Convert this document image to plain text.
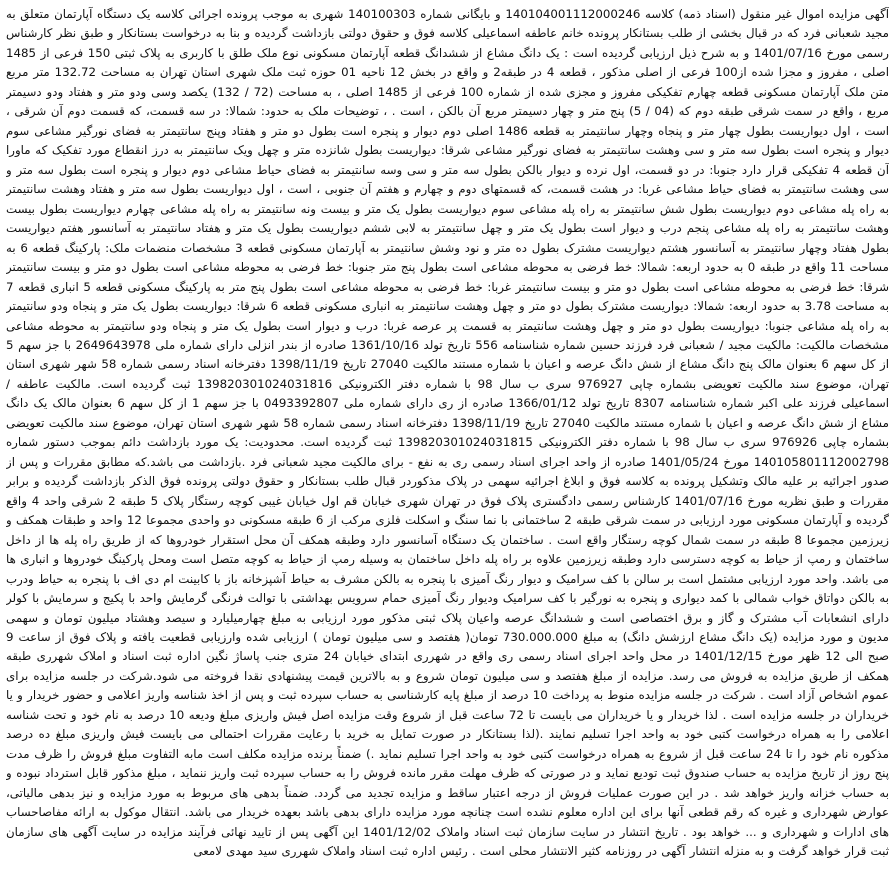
آگهی مزایده اموال غیر منقول (اسناد ذمه) کلاسه 140104001112000246 و بایگانی شماره 140100303 شهری به موجب پرونده اجرائی کلاسه یک دستگاه آپارتمان متعلق به مجید شعبانی فرد که در قبال بخشی از طلب بستانکار پرونده خانم عاطفه اسماعیلی کلاسه فوق و حقوق دولتی بازداشت گردیده و بنا به درخواست بستانکار و طبق نظر کارشناس رسمی مورخ 1401/07/16 و به شرح ذیل ارزیابی گردیده است : یک دانگ مشاع از ششدانگ قطعه آپارتمان مسکونی نوع ملک طلق با کاربری به پلاک ثبتی 150 فرعی از 1485 اصلی ، مفروز و مجزا شده از100 فرعی از اصلی مذکور ، قطعه 4 در طبقه2 و واقع در بخش 12 ناحیه 01 حوزه ثبت ملک شهری استان تهران به مساحت 132.72 متر مربع متن ملک آپارتمان مسکونی قطعه چهارم تفکیکی مفروز و مجزی شده از شماره 100 فرعی از 1485 اصلی ، به مساحت (72 / 132) یکصد وسی ودو متر و هفتاد ودو دسیمتر مربع ، واقع در سمت شرقی طبقه دوم که (04 / 5) پنج متر و چهار دسیمتر مربع آن بالکن ، است . ، توضیحات ملک به حدود: شمالا: در سه قسمت، که قسمت دوم آن شرقی ، است ، اول دیواریست بطول چهار متر و پنجاه وچهار سانتیمتر به قطعه 1486 اصلی دوم دیوار و پنجره است بطول دو متر و هفتاد وپنج سانتیمتر به فضای نورگیر مشاعی سوم دیوار و پنجره است بطول سه متر و سی وهشت سانتیمتر به فضای نورگیر مشاعی شرقا: دیواریست بطول شانزده متر و چهل ویک سانتیمتر به درز انقطاع مورد تفکیک که ماورا آن قطعه 4 تفکیکی قرار دارد جنوبا: در دو قسمت، اول نرده و دیوار بالکن بطول سه متر و سی وسه سانتیمتر به فضای حیاط مشاعی دوم دیوار و پنجره است بطول سه متر و سی وهشت سانتیمتر به فضای حیاط مشاعی غربا: در هشت قسمت، که قسمتهای دوم و چهارم و هفتم آن جنوبی ، است ، اول دیواریست بطول سه متر و هفتاد وهشت سانتیمتر به راه پله مشاعی دوم دیواریست بطول شش سانتیمتر به راه پله مشاعی سوم دیواریست بطول یک متر و بیست ونه سانتیمتر به راه پله مشاعی چهارم دیواریست بطول بیست وهشت سانتیمتر به راه پله مشاعی پنجم درب و دیوار است بطول یک متر و چهل سانتیمتر به لابی ششم دیواریست بطول یک متر و هفتاد سانتیمتر به آسانسور هفتم دیواریست بطول هفتاد وچهار سانتیمتر به آسانسور هشتم دیواریست مشترک بطول ده متر و نود وشش سانتیمتر به آپارتمان مسکونی قطعه 3 مشخصات منضمات ملک: پارکینگ قطعه 6 به مساحت 11 واقع در طبقه 0 به حدود اربعه: شمالا: خط فرضی به محوطه مشاعی است بطول پنج متر جنوبا: خط فرضی به محوطه مشاعی است بطول دو متر و بیست سانتیمتر شرقا: خط فرضی به محوطه مشاعی است بطول دو متر و بیست سانتیمتر غربا: خط فرضی به محوطه مشاعی است بطول پنج متر به پارکینگ مسکونی قطعه 5 انباری قطعه 7 به مساحت 3.78 به حدود اربعه: شمالا: دیواریست مشترک بطول دو متر و چهل وهشت سانتیمتر به انباری مسکونی قطعه 6 شرقا: دیواریست بطول یک متر و پنجاه ودو سانتیمتر به راه پله مشاعی جنوبا: دیواریست بطول دو متر و چهل وهشت سانتیمتر به قسمت پر عرصه غربا: درب و دیوار است بطول یک متر و پنجاه ودو سانتیمتر به محوطه مشاعی مشخصات مالکیت: مالکیت مجید / شعبانی فرد فرزند حسین شماره شناسنامه 556 تاریخ تولد 1361/10/16 صادره از بندر انزلی دارای شماره ملی 2649643978 با جز سهم 5 از کل سهم 6 بعنوان مالک پنج دانگ مشاع از شش دانگ عرصه و اعیان با شماره مستند مالکیت 27040 تاریخ 1398/11/19 دفترخانه اسناد رسمی شماره 58 شهر شهری استان تهران، موضوع سند مالکیت تعویضی بشماره چاپی 976927 سری ب سال 98 با شماره دفتر الکترونیکی 139820301024031816 ثبت گردیده است. مالکیت عاطفه / اسماعیلی فرزند علی اکبر شماره شناسنامه 8307 تاریخ تولد 1366/01/12 صادره از ری دارای شماره ملی 0493392807 با جز سهم 1 از کل سهم 6 بعنوان مالک یک دانگ مشاع از شش دانگ عرصه و اعیان با شماره مستند مالکیت 27040 تاریخ 1398/11/19 دفترخانه اسناد رسمی شماره 58 شهر شهری استان تهران، موضوع سند مالکیت تعویضی بشماره چاپی 976926 سری ب سال 98 با شماره دفتر الکترونیکی 139820301024031815 ثبت گردیده است. محدودیت: یک مورد بازداشت دائم بموجب دستور شماره 140105801112002798 مورخ 1401/05/24 صادره از واحد اجرای اسناد رسمی ری به نفع - برای مالکیت مجید شعبانی فرد .بازداشت می باشد.که مطابق مقررات و پس از صدور اجرائیه بر علیه مالک وتشکیل پرونده به کلاسه فوق و ابلاغ اجرائیه سهمی در پلاک مذکوردر قبال طلب بستانکار و حقوق دولتی پرونده فوق الذکر بازداشت گردیده و برابر مقررات و طبق نظریه مورخ 1401/07/16 کارشناس رسمی دادگستری پلاک فوق در تهران شهری خیابان قم اول خیابان غیبی کوچه رستگار پلاک 5 طبقه 2 شرقی واحد 4 واقع گردیده و آپارتمان مسکونی مورد ارزیابی در سمت شرقی طبقه 2 ساختمانی با نما سنگ و اسکلت فلزی مرکب از 6 طبقه مسکونی دو واحدی مجموعا 12 واحد و طبقات همکف و زیرزمین مجموعا 8 طبقه در سمت شمال کوچه رستگار واقع است . ساختمان یک دستگاه آسانسور دارد وطبقه همکف آن محل استقرار خودروها که از طریق راه پله ها از داخل ساختمان و رمپ از حیاط به کوچه دسترسی دارد وطبقه زیرزمین علاوه بر راه پله داخل ساختمان به وسیله رمپ از حیاط به کوچه متصل است ومحل پارکینگ خودروها و انباری ها می باشد. واحد مورد ارزیابی مشتمل است بر سالن با کف سرامیک و دیوار رنگ آمیزی با پنجره به بالکن مشرف به حیاط آشپزخانه باز با کابینت ام دی اف با پنجره به حیاط ودرب به بالکن دواتاق خواب شمالی با کمد دیواری و پنجره به نورگیر با کف سرامیک ودیوار رنگ آمیزی حمام سرویس بهداشتی با توالت فرنگی گرمایش واحد با پکیج و سرمایش با کولر دارای انشعابات آب مشترک و گاز و برق اختصاصی است و ششدانگ عرصه واعیان پلاک ثبتی مذکور مورد ارزیابی به مبلغ چهارمیلیارد و سیصد وهشتاد میلیون تومان و سهمی مدیون و مورد مزایده (یک دانگ مشاع ارزشش دانگ) به مبلغ 730.000.000 تومان( هفتصد و سی میلیون تومان ) ارزیابی شده وارزیابی قطعیت یافته و پلاک فوق از ساعت 9 صبح الی 12 ظهر مورخ 1401/12/15 در محل واحد اجرای اسناد رسمی ری واقع در شهرری ابتدای خیابان 24 متری جنب پاساژ نگین اداره ثبت اسناد و املاک شهرری طبقه همکف از طریق مزایده به فروش می رسد. مزایده از مبلغ هفتصد و سی میلیون تومان شروع و به بالاترین قیمت پیشنهادی نقدا فروخته می شود.شرکت در جلسه مزایده برای عموم اشخاص آزاد است . شرکت در جلسه مزایده منوط به پرداخت 10 درصد از مبلغ پایه کارشناسی به حساب سپرده ثبت و پس از اخذ شناسه واریز اعلامی و حضور خریدار و یا خریداران در جلسه مزایده است . لذا خریدار و یا خریداران می بایست تا 72 ساعت قبل از شروع وقت مزایده اصل فیش واریزی مبلغ ودیعه 10 درصد به نام خود و تحت شناسه اعلامی را به همراه درخواست کتبی خود به واحد اجرا تسلیم نمایند .(لذا بستانکار در صورت تمایل به خرید با رعایت مقررات احتمالی می بایست فیش واریزی مبلغ ده درصد مذکوره نام خود را تا 24 ساعت قبل از شروع به همراه درخواست کتبی خود به واحد اجرا تسلیم نماید .) ضمناً برنده مزایده مکلف است مابه التفاوت مبلغ فروش را ظرف مدت پنج روز از تاریخ مزایده به حساب صندوق ثبت تودیع نماید و در صورتی که ظرف مهلت مقرر مانده فروش را به حساب سپرده ثبت واریز ننماید ، مبلغ مذکور قابل استرداد نبوده و به حساب خزانه واریز خواهد شد . در این صورت عملیات فروش از درجه اعتبار ساقط و مزایده تجدید می گردد. ضمناً بدهی های مربوط به مورد مزایده و نیز بدهی مالیاتی، عوارض شهرداری و غیره که رقم قطعی آنها برای این اداره معلوم نشده است چنانچه مورد مزایده دارای بدهی باشد بعهده خریدار می باشد. انتقال موکول به ارائه مفاصاحساب های ادارات و شهرداری و ... خواهد بود . تاریخ انتشار در سایت سازمان ثبت اسناد واملاک 1401/12/02 این آگهی پس از تایید نهائی فرآیند مزایده در سایت آگهی های سازمان ثبت قرار خواهد گرفت و به منزله انتشار آگهی در روزنامه کثیر الانتشار محلی است . رئیس اداره ثبت اسناد واملاک شهرری سید مهدی لامعی
